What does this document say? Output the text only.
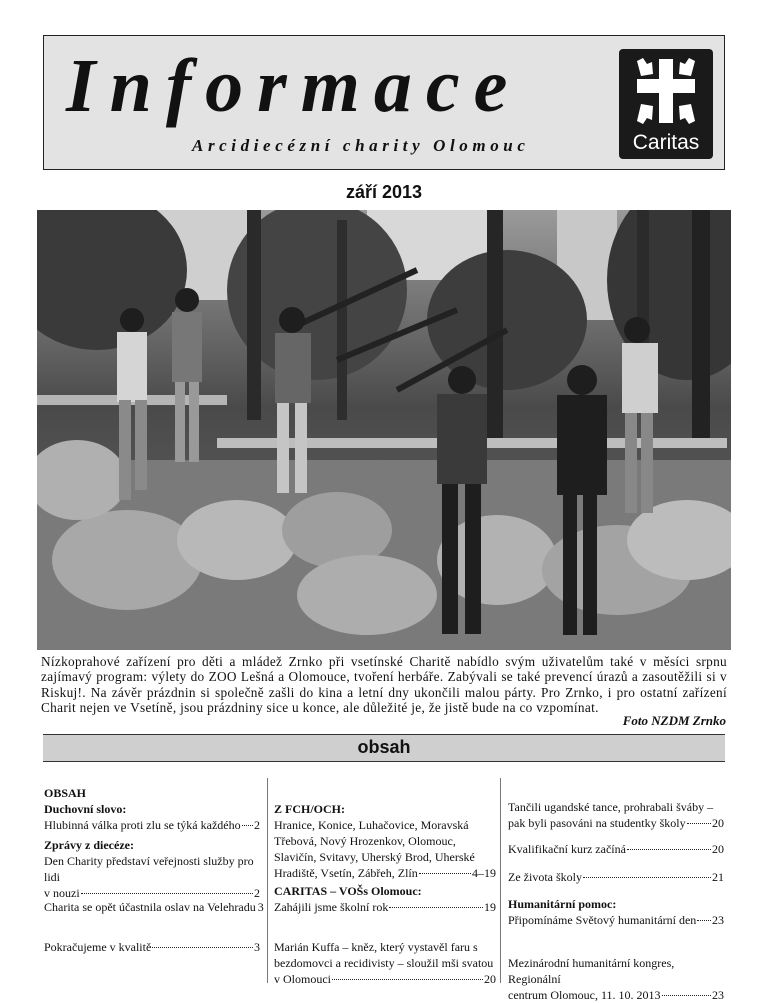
Informace

Arcidiecézní charity Olomouc	Caritas
září 2013

Nízkoprahové zařízení pro děti a mládež Zrnko při vsetínské Charitě nabídlo svým uživatelům také v měsíci srpnu zajímavý program: výlety do ZOO Lešná a Olomouce, tvoření herbáře. Zabývali se také prevencí úrazů a zasoutěžili si v Riskuj!. Na závěr prázdnin si společně zašli do kina a letní dny ukončili malou párty. Pro Zrnko, i pro ostatní zařízení Charit nejen ve Vsetíně, jsou prázdniny sice u konce, ale důležité je, že jistě bude na co vzpomínat.

Foto NZDM Zrnko
obsah
OBSAH
Duchovní slovo:
Hlubinná válka proti zlu se týká každého 2
Zprávy z diecéze:
Den Charity představí veřejnosti služby pro lidi
v nouzi	2
Charita se opět účastnila oslav na Velehradu 3
Pokračujeme v kvalitě	3
Z FCH/OCH:
Hranice, Konice, Luhačovice, Moravská
Třebová, Nový Hrozenkov, Olomouc,
Slavičín, Svitavy, Uherský Brod, Uherské
Hradiště, Vsetín, Zábřeh, Zlín	4–19
CARITAS – VOŠs Olomouc:
Zahájili jsme školní rok	19
Marián Kuffa – kněz, který vystavěl faru s
bezdomovci a recidivisty – sloužil mši svatou
v Olomouci	20
Tančili ugandské tance, prohrabali šváby –
pak byli pasováni na studentky školy 20
Kvalifikační kurz začíná	20
Ze života školy	21
Humanitární pomoc:
Připomínáme Světový humanitární den 23
Mezinárodní humanitární kongres, Regionální
centrum Olomouc, 11. 10. 2013	23
